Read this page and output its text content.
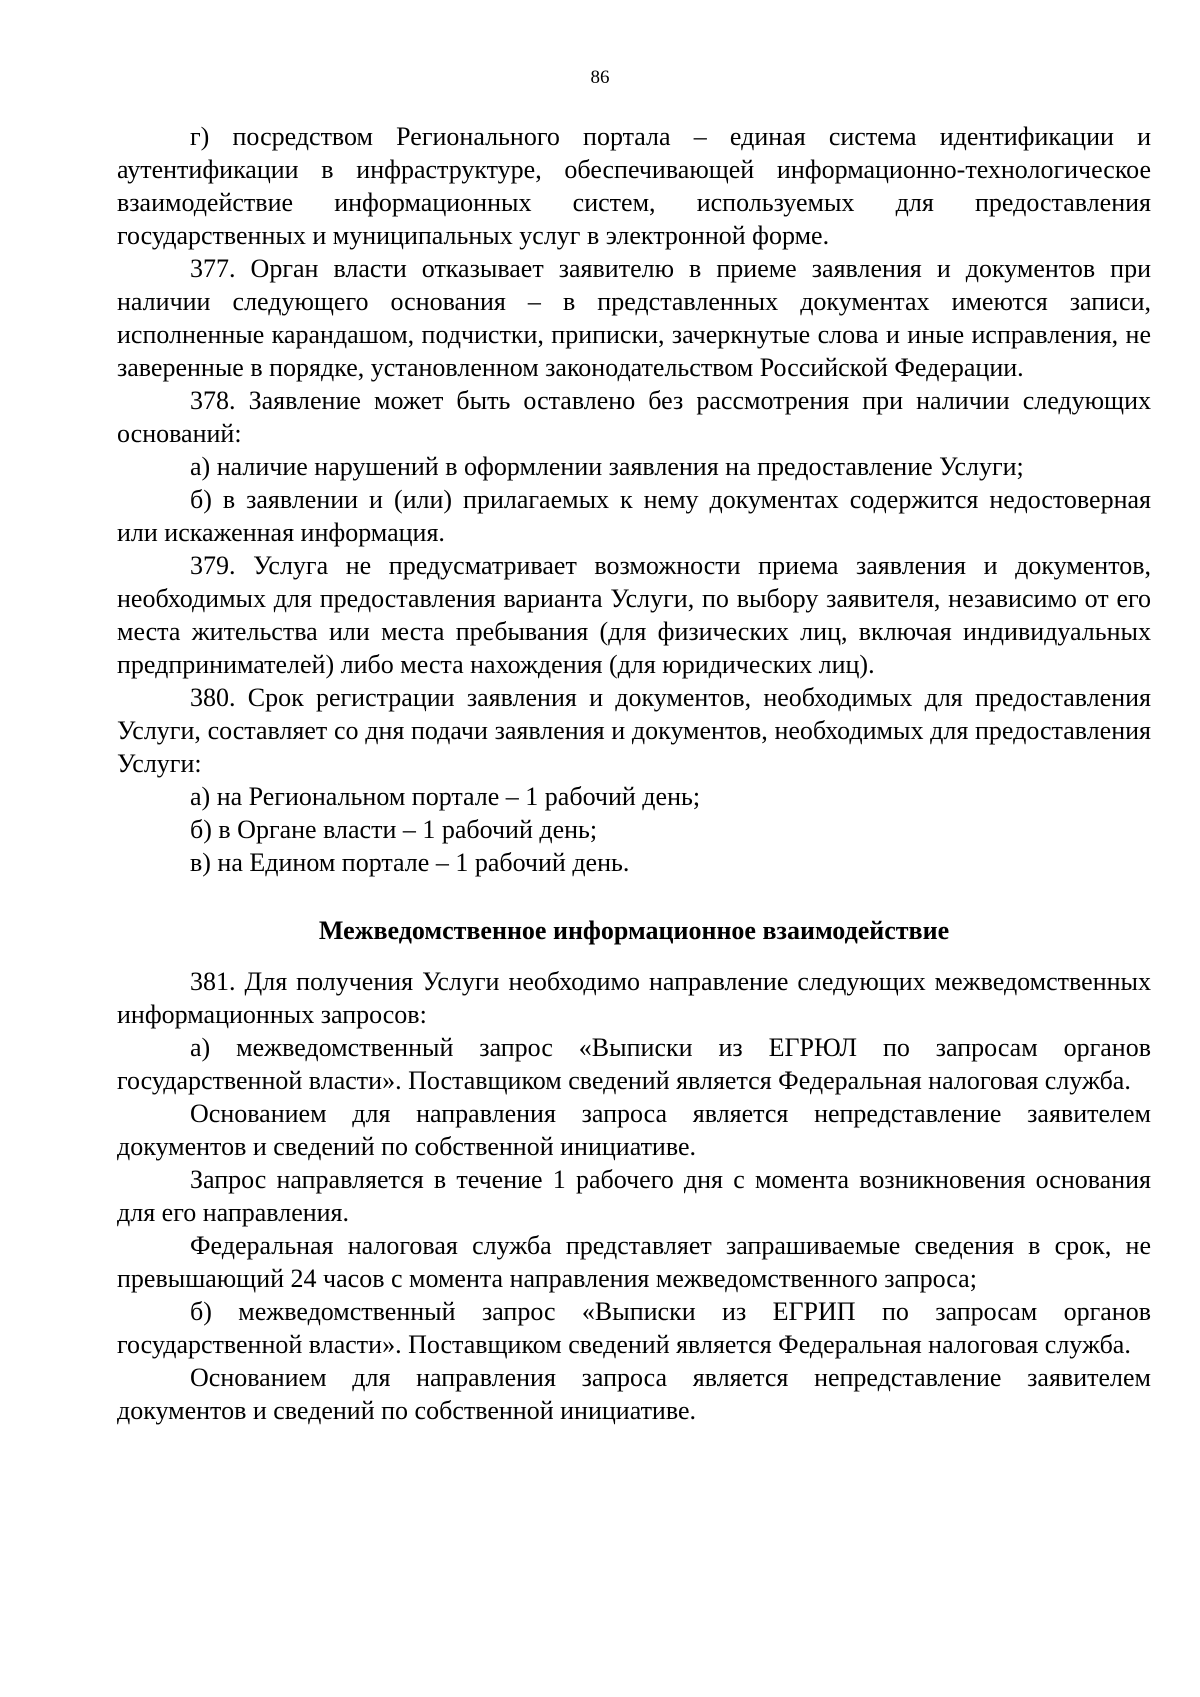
86

г) посредством Регионального портала – единая система идентификации и аутентификации в инфраструктуре, обеспечивающей информационно-технологическое взаимодействие информационных систем, используемых для предоставления государственных и муниципальных услуг в электронной форме.

377. Орган власти отказывает заявителю в приеме заявления и документов при наличии следующего основания – в представленных документах имеются записи, исполненные карандашом, подчистки, приписки, зачеркнутые слова и иные исправления, не заверенные в порядке, установленном законодательством Российской Федерации.

378. Заявление может быть оставлено без рассмотрения при наличии следующих оснований:

а) наличие нарушений в оформлении заявления на предоставление Услуги;

б) в заявлении и (или) прилагаемых к нему документах содержится недостоверная или искаженная информация.

379. Услуга не предусматривает возможности приема заявления и документов, необходимых для предоставления варианта Услуги, по выбору заявителя, независимо от его места жительства или места пребывания (для физических лиц, включая индивидуальных предпринимателей) либо места нахождения (для юридических лиц).

380. Срок регистрации заявления и документов, необходимых для предоставления Услуги, составляет со дня подачи заявления и документов, необходимых для предоставления Услуги:

а) на Региональном портале – 1 рабочий день;

б) в Органе власти – 1 рабочий день;

в) на Едином портале – 1 рабочий день.

Межведомственное информационное взаимодействие

381. Для получения Услуги необходимо направление следующих межведомственных информационных запросов:

а) межведомственный запрос «Выписки из ЕГРЮЛ по запросам органов государственной власти». Поставщиком сведений является Федеральная налоговая служба.

Основанием для направления запроса является непредставление заявителем документов и сведений по собственной инициативе.

Запрос направляется в течение 1 рабочего дня с момента возникновения основания для его направления.

Федеральная налоговая служба представляет запрашиваемые сведения в срок, не превышающий 24 часов с момента направления межведомственного запроса;

б) межведомственный запрос «Выписки из ЕГРИП по запросам органов государственной власти». Поставщиком сведений является Федеральная налоговая служба.

Основанием для направления запроса является непредставление заявителем документов и сведений по собственной инициативе.
